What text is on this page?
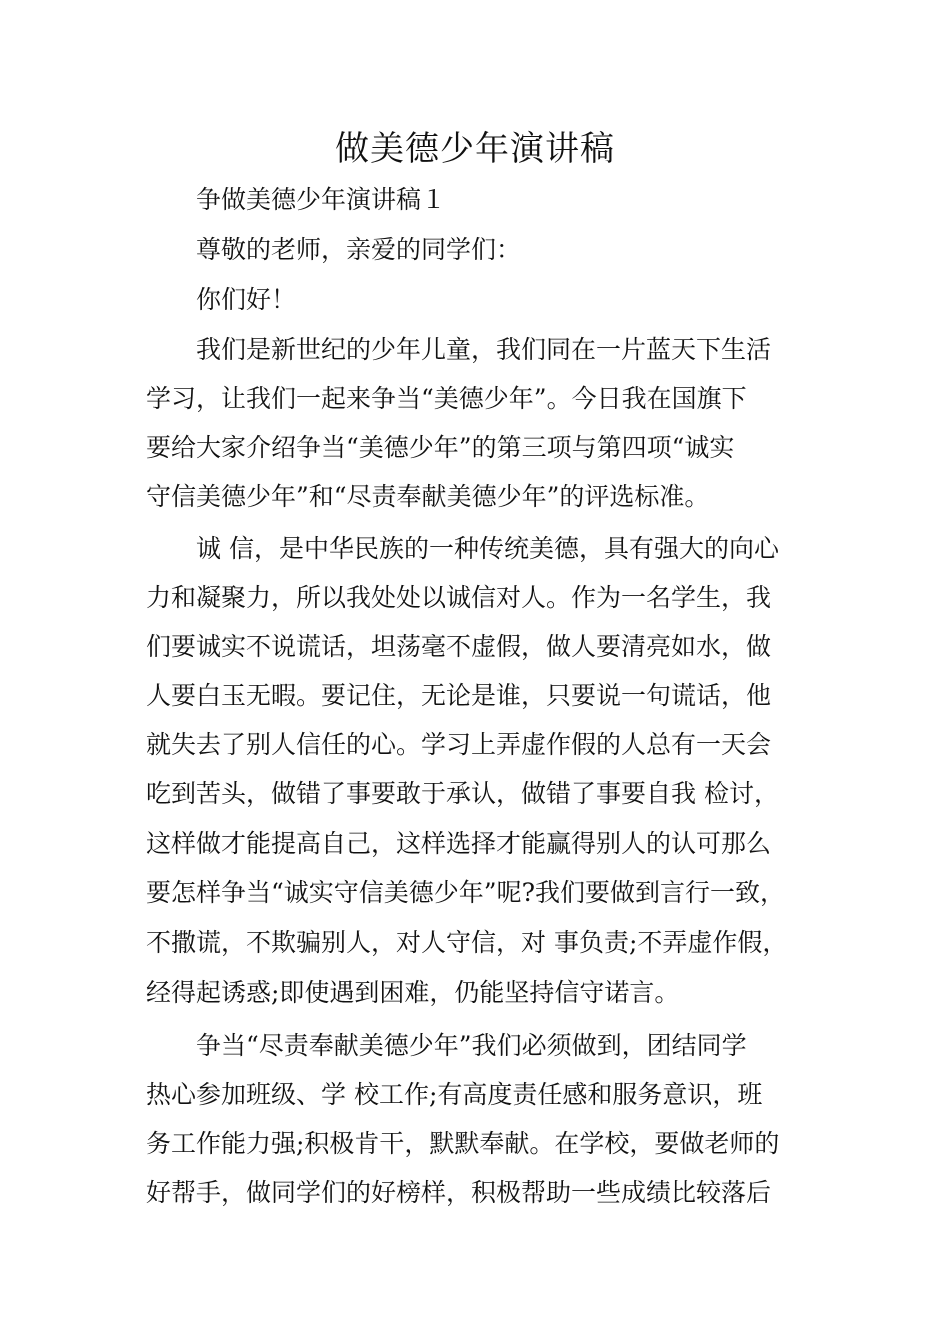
做美德少年演讲稿

争做美德少年演讲稿１

尊敬的老师，亲爱的同学们：

你们好！

我们是新世纪的少年儿童，我们同在一片蓝天下生活

学习，让我们一起来争当“美德少年”。今日我在国旗下

要给大家介绍争当“美德少年”的第三项与第四项“诚实

守信美德少年”和“尽责奉献美德少年”的评选标准。

诚 信，是中华民族的一种传统美德，具有强大的向心

力和凝聚力，所以我处处以诚信对人。作为一名学生，我

们要诚实不说谎话，坦荡毫不虚假，做人要清亮如水，做

人要白玉无暇。要记住，无论是谁，只要说一句谎话，他

就失去了别人信任的心。学习上弄虚作假的人总有一天会

吃到苦头，做错了事要敢于承认，做错了事要自我 检讨，

这样做才能提高自己，这样选择才能赢得别人的认可那么

要怎样争当“诚实守信美德少年”呢?我们要做到言行一致，

不撒谎，不欺骗别人，对人守信，对 事负责;不弄虚作假，

经得起诱惑;即使遇到困难，仍能坚持信守诺言。

争当“尽责奉献美德少年”我们必须做到，团结同学

热心参加班级、学 校工作;有高度责任感和服务意识，班

务工作能力强;积极肯干，默默奉献。在学校，要做老师的

好帮手，做同学们的好榜样，积极帮助一些成绩比较落后
